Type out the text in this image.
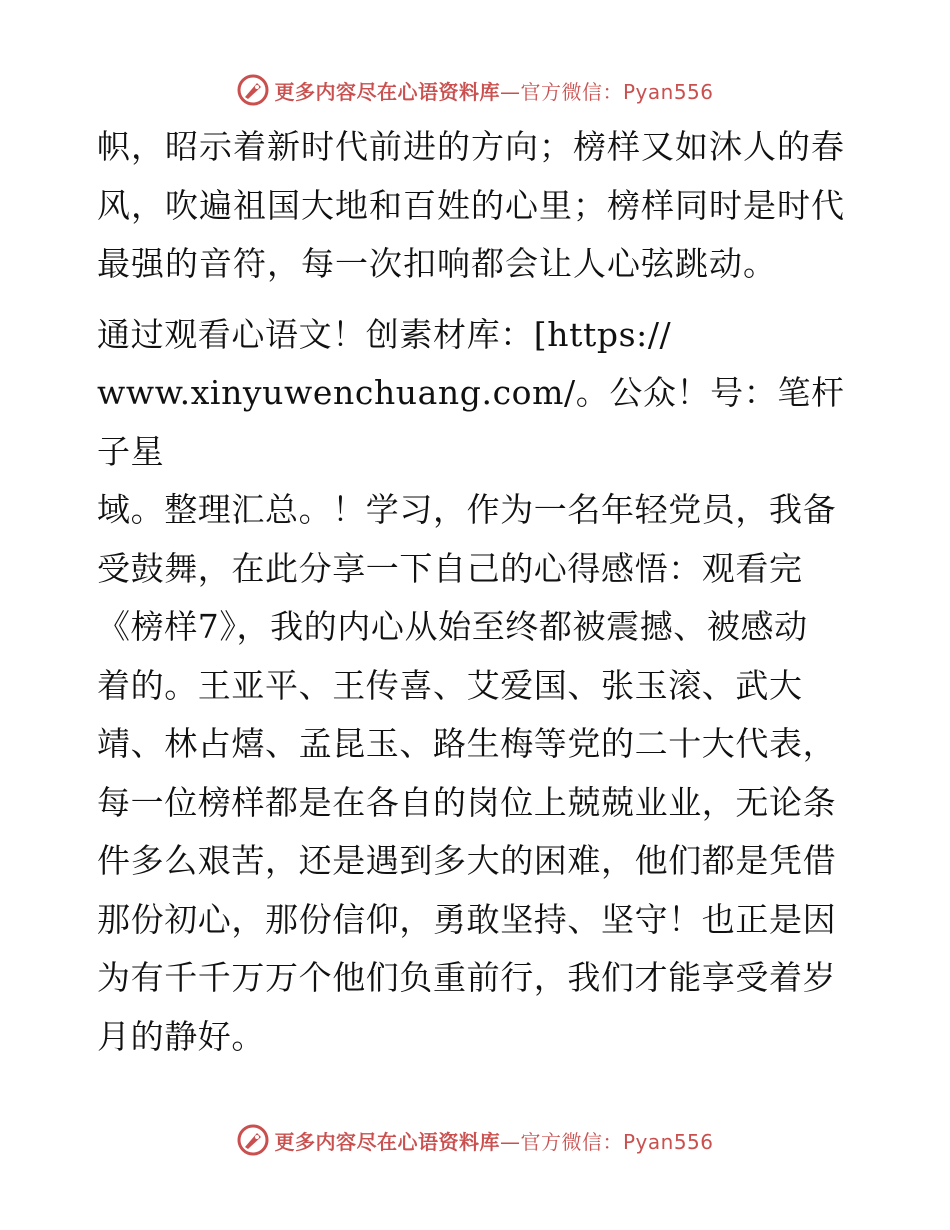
更多内容尽在心语资料库—官方微信：Pyan556

帜，昭示着新时代前进的方向；榜样又如沐人的春
风，吹遍祖国大地和百姓的心里；榜样同时是时代
最强的音符，每一次扣响都会让人心弦跳动。

通过观看心语文！创素材库：[https://
www.xinyuwenchuang.com/。公众！号：笔杆子星
域。整理汇总。！学习，作为一名年轻党员，我备
受鼓舞，在此分享一下自己的心得感悟：观看完
《榜样7》，我的内心从始至终都被震撼、被感动
着的。王亚平、王传喜、艾爱国、张玉滚、武大
靖、林占熺、孟昆玉、路生梅等党的二十大代表，
每一位榜样都是在各自的岗位上兢兢业业，无论条
件多么艰苦，还是遇到多大的困难，他们都是凭借
那份初心，那份信仰，勇敢坚持、坚守！也正是因
为有千千万万个他们负重前行，我们才能享受着岁
月的静好。

更多内容尽在心语资料库—官方微信：Pyan556
